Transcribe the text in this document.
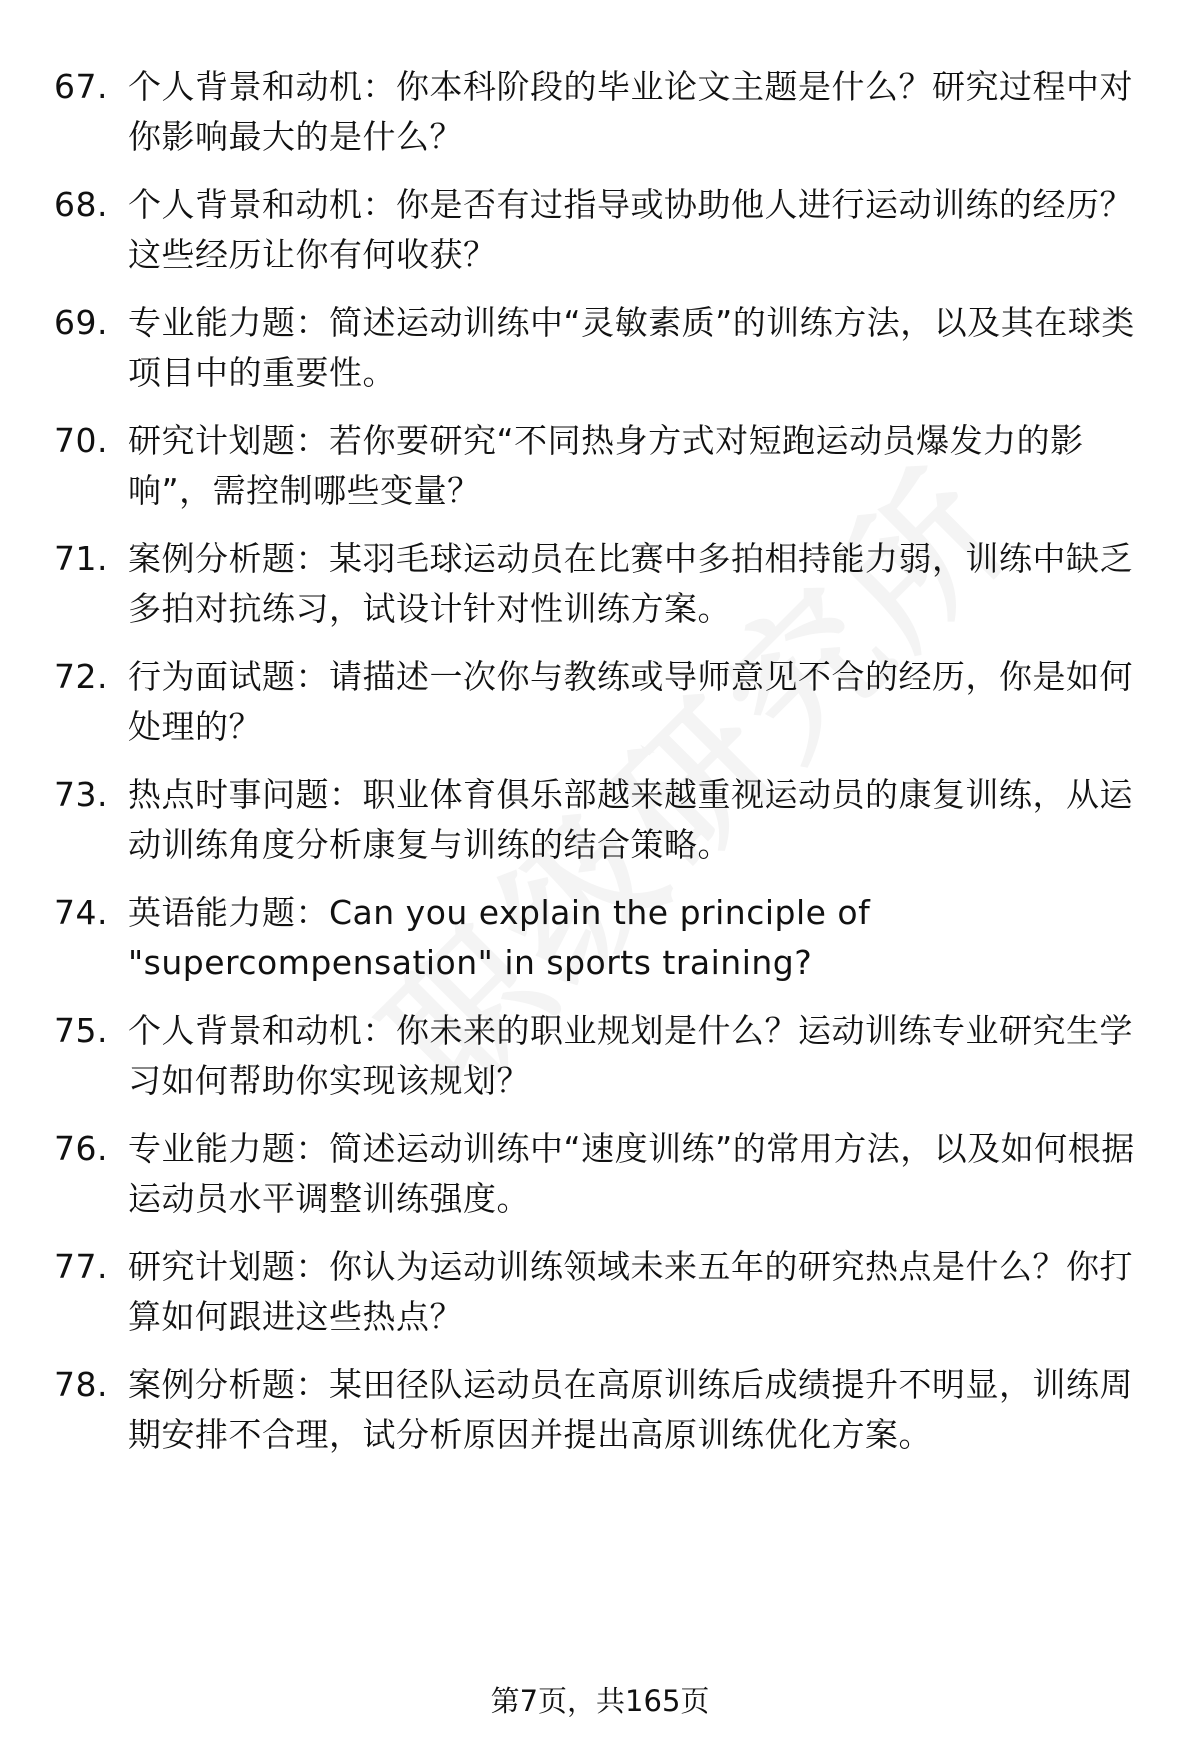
67. 个人背景和动机：你本科阶段的毕业论文主题是什么？研究过程中对你影响最大的是什么？
68. 个人背景和动机：你是否有过指导或协助他人进行运动训练的经历？这些经历让你有何收获？
69. 专业能力题：简述运动训练中“灵敏素质”的训练方法，以及其在球类项目中的重要性。
70. 研究计划题：若你要研究“不同热身方式对短跑运动员爆发力的影响”，需控制哪些变量？
71. 案例分析题：某羽毛球运动员在比赛中多拍相持能力弱，训练中缺乏多拍对抗练习，试设计针对性训练方案。
72. 行为面试题：请描述一次你与教练或导师意见不合的经历，你是如何处理的？
73. 热点时事问题：职业体育俱乐部越来越重视运动员的康复训练，从运动训练角度分析康复与训练的结合策略。
74. 英语能力题：Can you explain the principle of "supercompensation" in sports training?
75. 个人背景和动机：你未来的职业规划是什么？运动训练专业研究生学习如何帮助你实现该规划？
76. 专业能力题：简述运动训练中“速度训练”的常用方法，以及如何根据运动员水平调整训练强度。
77. 研究计划题：你认为运动训练领域未来五年的研究热点是什么？你打算如何跟进这些热点？
78. 案例分析题：某田径队运动员在高原训练后成绩提升不明显，训练周期安排不合理，试分析原因并提出高原训练优化方案。
第7页，共165页
